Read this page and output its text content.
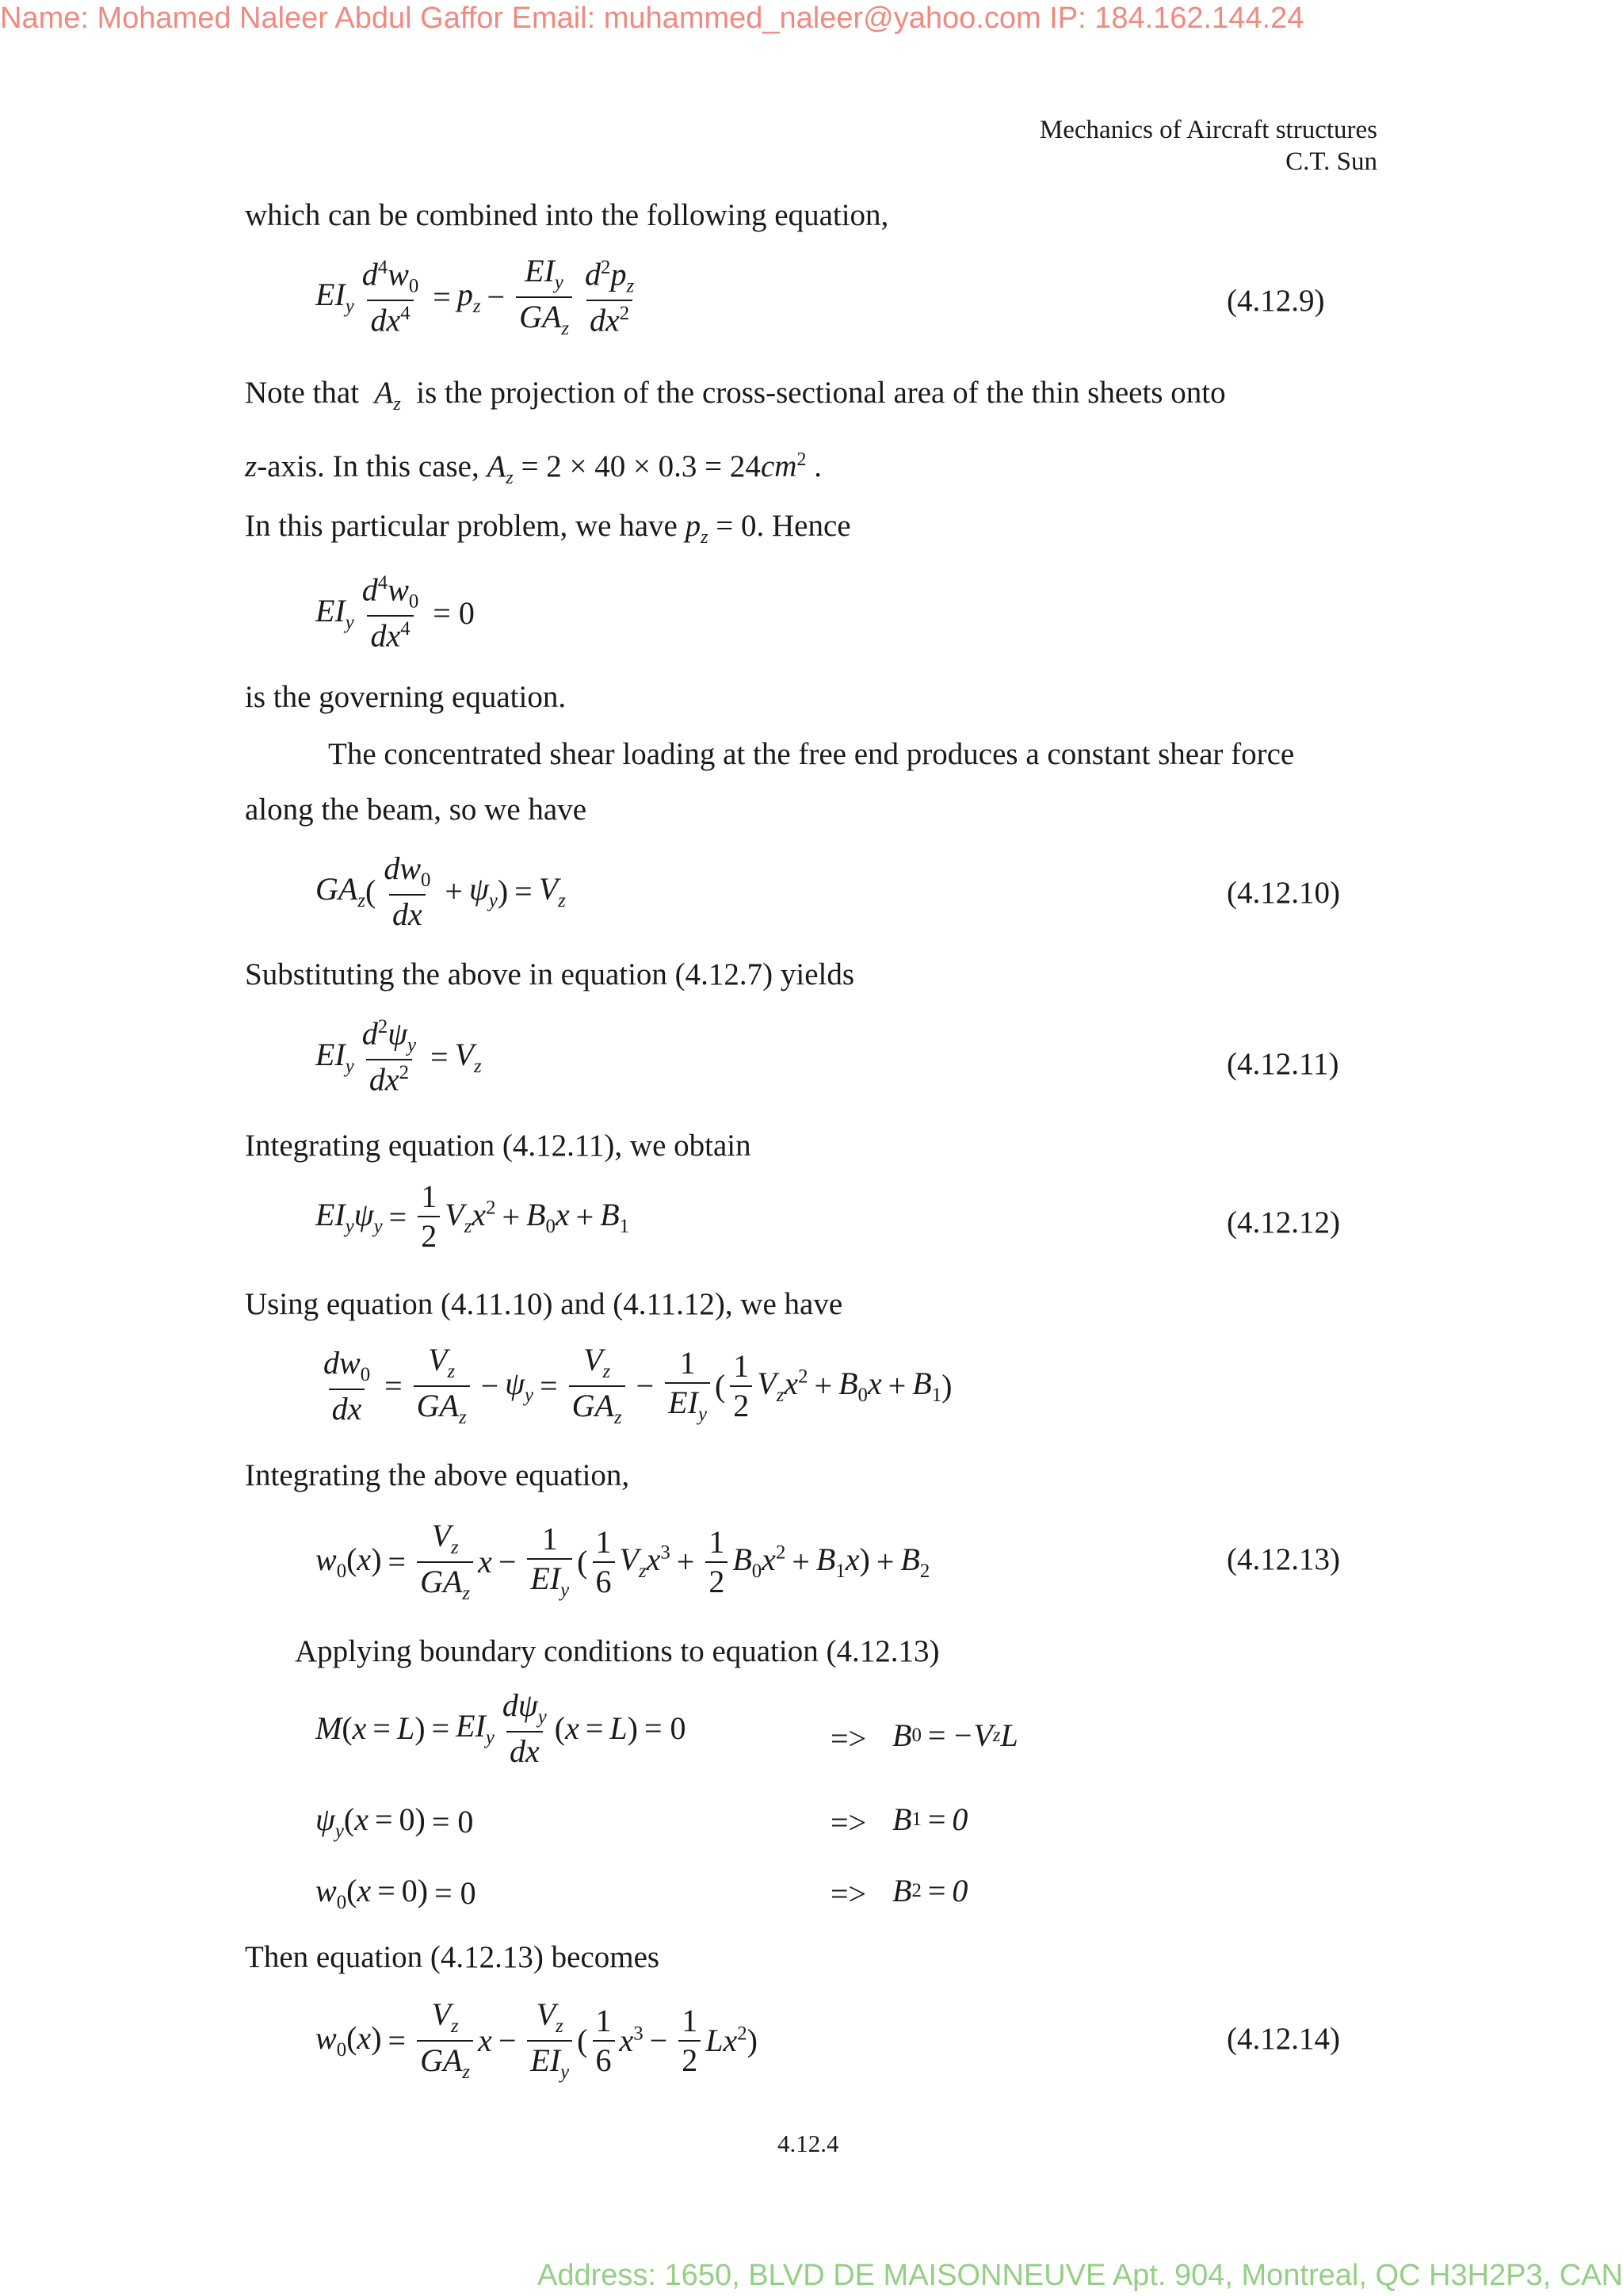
Name: Mohamed Naleer Abdul Gaffor Email: muhammed_naleer@yahoo.com IP: 184.162.144.24
Address: 1650, BLVD DE MAISONNEUVE Apt. 904, Montreal, QC H3H2P3, CAN
Mechanics of Aircraft structures
C.T. Sun
which can be combined into the following equation,
$EI_y \frac{d^4w_0}{dx^4} = p_z - \frac{EI_y}{GA_z} \frac{d^2p_z}{dx^2}$	(4.12.9)
Note that $A_z$ is the projection of the cross-sectional area of the thin sheets onto
z-axis. In this case, $A_z = 2 \times 40 \times 0.3 = 24cm^2$ .
In this particular problem, we have $p_z = 0$. Hence
$EI_y \frac{d^4w_0}{dx^4} = 0$
is the governing equation.
The concentrated shear loading at the free end produces a constant shear force
along the beam, so we have
$GA_z$ ( $\frac{dw_0}{dx} + \psi_y$ ) = $V_z$	(4.12.10)
Substituting the above in equation (4.12.7) yields
$EI_y \frac{d^2\psi_y}{dx^2} = V_z$	(4.12.11)
Integrating equation (4.12.11), we obtain
$EI_y\psi_y = \frac{1}{2} V_zx^2 + B_0x + B_1$	(4.12.12)
Using equation (4.11.10) and (4.11.12), we have
$\frac{dw_0}{dx} = \frac{V_z}{GA_z} - \psi_y = \frac{V_z}{GA_z} - \frac{1}{EI_y}$ ( $\frac{1}{2} V_zx^2 + B_0x + B_1$ )
Integrating the above equation,
$w_0(x) = \frac{V_z}{GA_z}$ $x - \frac{1}{EI_y}$ ( $\frac{1}{6} V_zx^3 + \frac{1}{2} B_0x^2 + B_1x) + B_2$	(4.12.13)
Applying boundary conditions to equation (4.12.13)
$M(x = L) = EI_y \frac{d\psi_y}{dx}$ ( x = L ) = 0	=> B 0 = −V z L
$\psi_y(x = 0) = 0$	=> B 1 = 0
$w_0(x = 0) = 0$	=> B 2 = 0
Then equation (4.12.13) becomes
$w_0(x) = \frac{V_z}{GA_z}$ $x - \frac{V_z}{EI_y}$ ( $\frac{1}{6} x^3 - \frac{1}{2} Lx^2$)	(4.12.14)
4.12.4
